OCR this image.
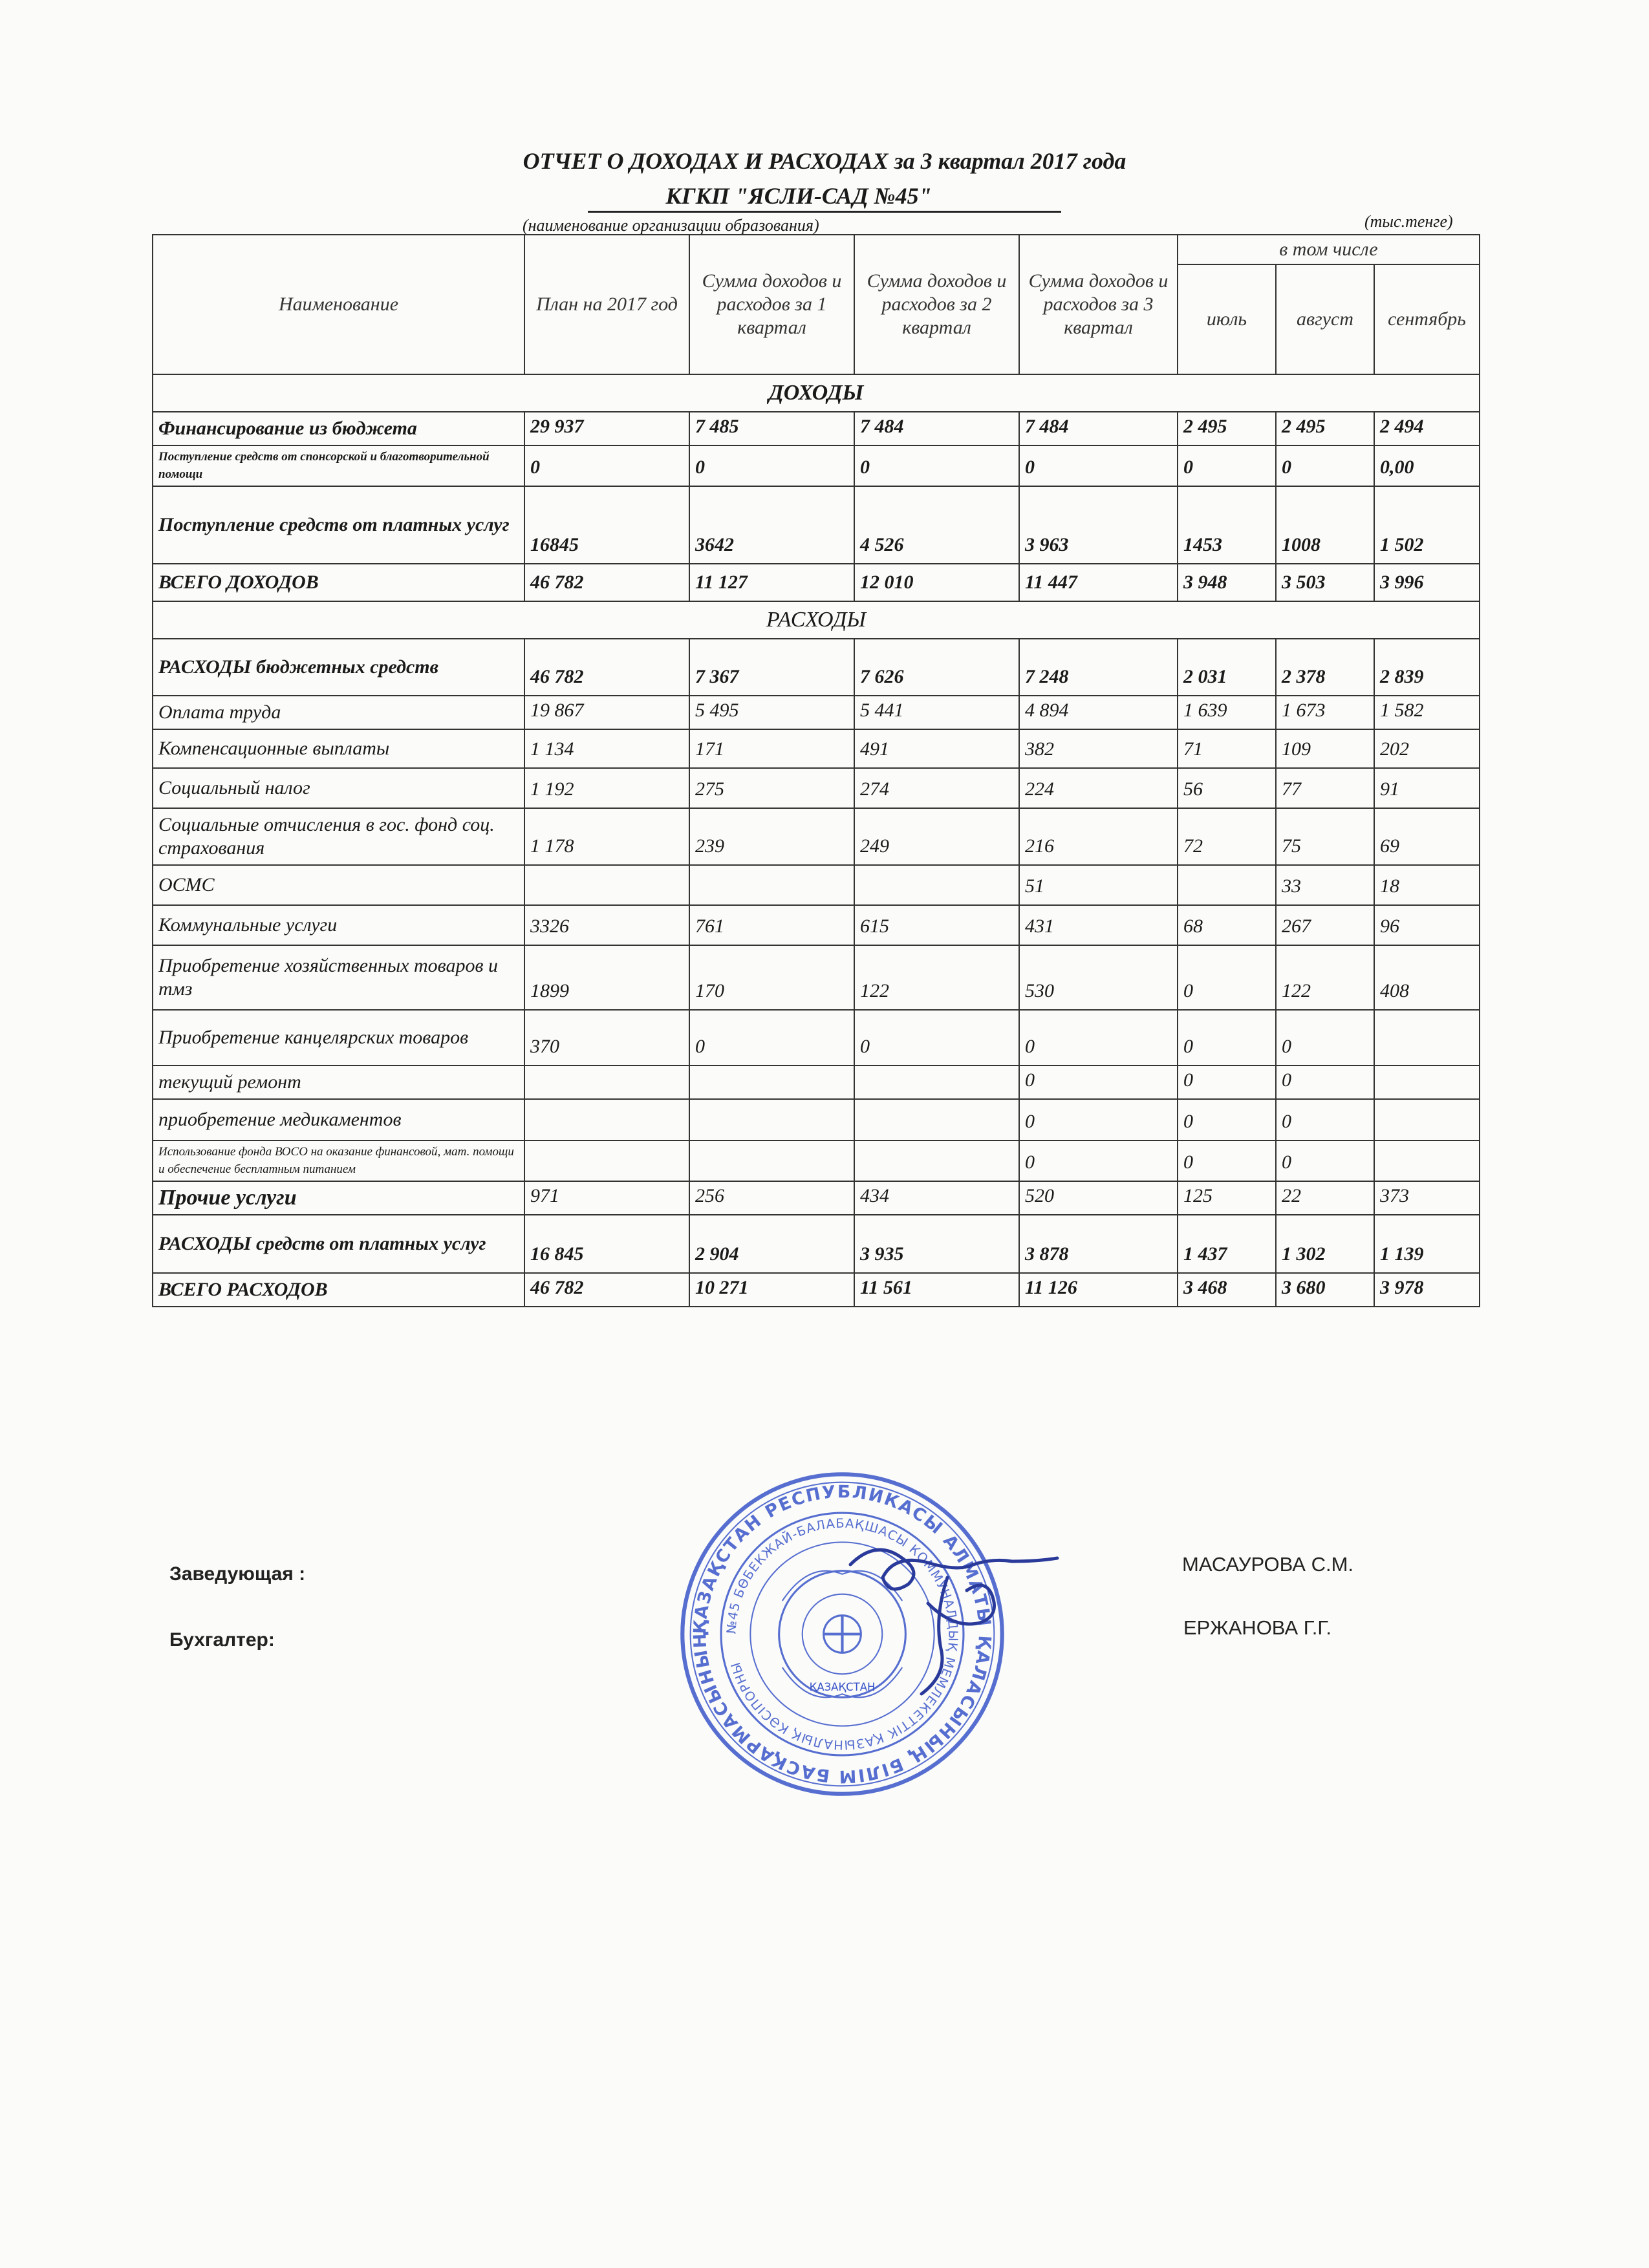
ОТЧЕТ О ДОХОДАХ И РАСХОДАХ за 3 квартал 2017 года
КГКП "ЯСЛИ-САД №45"
(наименование организации образования)	(тыс.тенге)
Наименование	План на 2017 год	Сумма доходов и расходов за 1 квартал	Сумма доходов и расходов за 2 квартал	Сумма доходов и расходов за 3 квартал	в том числе		
					июль	август	сентябрь
ДОХОДЫ							
Финансирование из бюджета	29 937	7 485	7 484	7 484	2 495	2 495	2 494
Поступление средств от спонсорской и благотворительной помощи	0	0	0	0	0	0	0,00
Поступление средств от платных услуг	16845	3642	4 526	3 963	1453	1008	1 502
ВСЕГО ДОХОДОВ	46 782	11 127	12 010	11 447	3 948	3 503	3 996
РАСХОДЫ							
РАСХОДЫ бюджетных средств	46 782	7 367	7 626	7 248	2 031	2 378	2 839
Оплата труда	19 867	5 495	5 441	4 894	1 639	1 673	1 582
Компенсационные выплаты	1 134	171	491	382	71	109	202
Социальный налог	1 192	275	274	224	56	77	91
Социальные отчисления в гос. фонд соц. страхования	1 178	239	249	216	72	75	69
ОСМС				51		33	18
Коммунальные услуги	3326	761	615	431	68	267	96
Приобретение хозяйственных товаров и тмз	1899	170	122	530	0	122	408
Приобретение канцелярских товаров	370	0	0	0	0	0	
текущий ремонт				0	0	0	
приобретение медикаментов				0	0	0	
Использование фонда ВОСО на оказание финансовой, мат. помощи и обеспечение бесплатным питанием				0	0	0	
Прочие услуги	971	256	434	520	125	22	373
РАСХОДЫ средств от платных услуг	16 845	2 904	3 935	3 878	1 437	1 302	1 139
ВСЕГО РАСХОДОВ	46 782	10 271	11 561	11 126	3 468	3 680	3 978
Заведующая :	МАСАУРОВА С.М.
Бухгалтер:
ЕРЖАНОВА Г.Г.
ҚАЗАҚСТАН РЕСПУБЛИКАСЫ АЛМАТЫ ҚАЛАСЫНЫҢ БІЛІМ БАСҚАРМАСЫНЫҢ
№45 БӨБЕКЖАЙ-БАЛАБАҚШАСЫ КОММУНАЛДЫҚ МЕМЛЕКЕТТІК ҚАЗЫНАЛЫҚ КӘСІПОРНЫ
ҚАЗАҚСТАН
